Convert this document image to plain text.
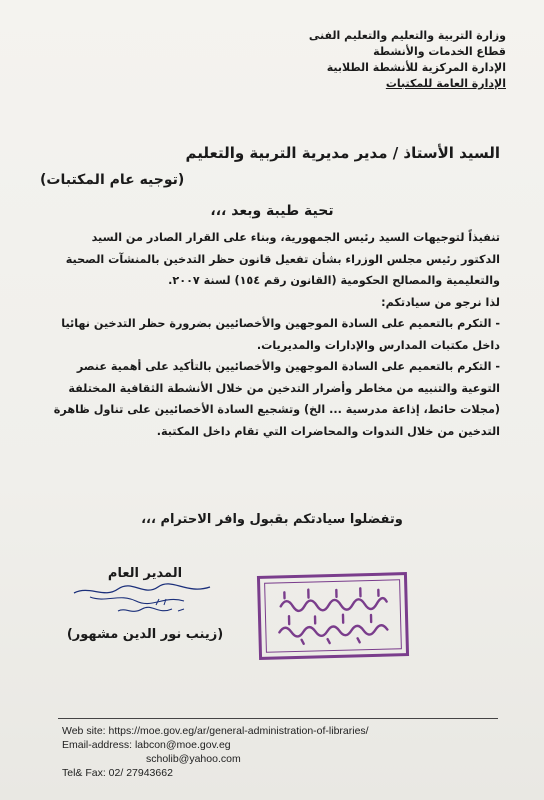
وزارة التربية والتعليم والتعليم الفنى
قطاع الخدمات والأنشطة
الإدارة المركزية للأنشطة الطلابية
الإدارة العامة للمكتبات
السيد الأستاذ / مدير مديرية التربية والتعليم
(توجيه عام المكتبات)
تحية طيبة وبعد ،،،

تنفيذاً لتوجيهات السيد رئيس الجمهورية، وبناء على القرار الصادر من السيد

الدكتور رئيس مجلس الوزراء بشأن تفعيل قانون حظر التدخين بالمنشآت الصحية

والتعليمية والمصالح الحكومية (القانون رقم ١٥٤) لسنة ٢٠٠٧.

لذا نرجو من سيادتكم:

- التكرم بالتعميم على السادة الموجهين والأخصائيين بضرورة حظر التدخين نهائيا

داخل مكتبات المدارس والإدارات والمديريات.

- التكرم بالتعميم على السادة الموجهين والأخصائيين بالتأكيد على أهمية عنصر

التوعية والتنبيه من مخاطر وأضرار التدخين من خلال الأنشطة الثقافية المختلفة

(مجلات حائط، إذاعة مدرسية ... الخ) وتشجيع السادة الأخصائيين على تناول ظاهرة

التدخين من خلال الندوات والمحاضرات التي تقام داخل المكتبة.

وتفضلوا سيادتكم بقبول وافر الاحترام ،،،
المدير العام
(زينب نور الدين مشهور)
Web site: https://moe.gov.eg/ar/general-administration-of-libraries/
Email-address: labcon@moe.gov.eg
scholib@yahoo.com
Tel& Fax: 02/ 27943662
